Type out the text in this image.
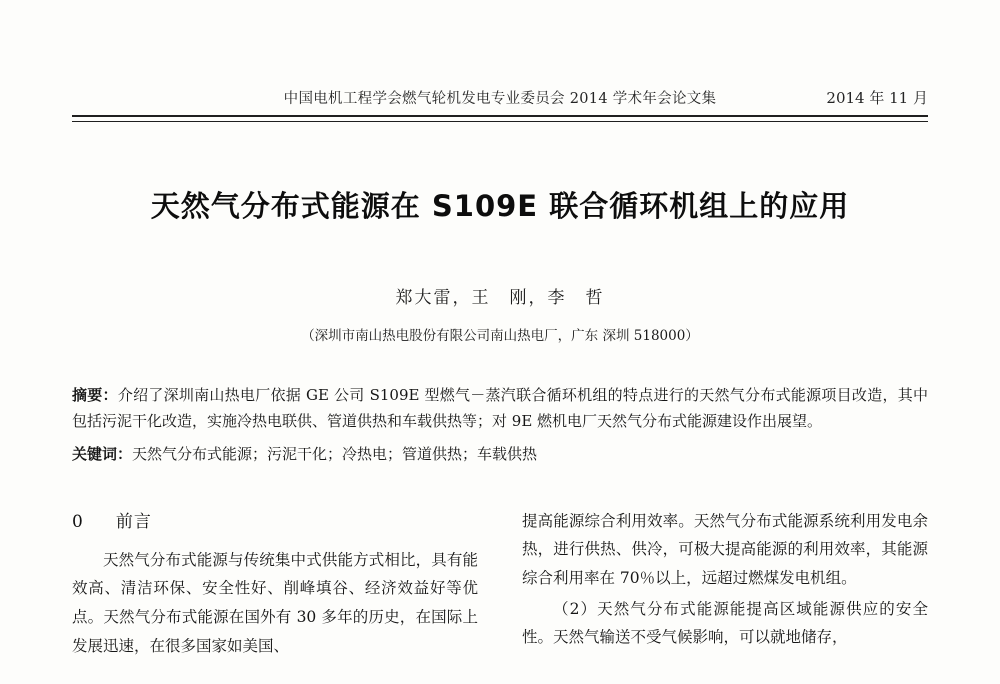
中国电机工程学会燃气轮机发电专业委员会 2014 学术年会论文集	2014 年 11 月
天然气分布式能源在 S109E 联合循环机组上的应用
郑大雷，王　刚，李　哲
（深圳市南山热电股份有限公司南山热电厂，广东 深圳 518000）
摘要：介绍了深圳南山热电厂依据 GE 公司 S109E 型燃气－蒸汽联合循环机组的特点进行的天然气分布式能源项目改造，其中包括污泥干化改造，实施冷热电联供、管道供热和车载供热等；对 9E 燃机电厂天然气分布式能源建设作出展望。
关键词：天然气分布式能源；污泥干化；冷热电；管道供热；车载供热
0 前言

天然气分布式能源与传统集中式供能方式相比，具有能效高、清洁环保、安全性好、削峰填谷、经济效益好等优点。天然气分布式能源在国外有 30 多年的历史，在国际上发展迅速，在很多国家如美国、

提高能源综合利用效率。天然气分布式能源系统利用发电余热，进行供热、供冷，可极大提高能源的利用效率，其能源综合利用率在 70％以上，远超过燃煤发电机组。

（2）天然气分布式能源能提高区域能源供应的安全性。天然气输送不受气候影响，可以就地储存，
